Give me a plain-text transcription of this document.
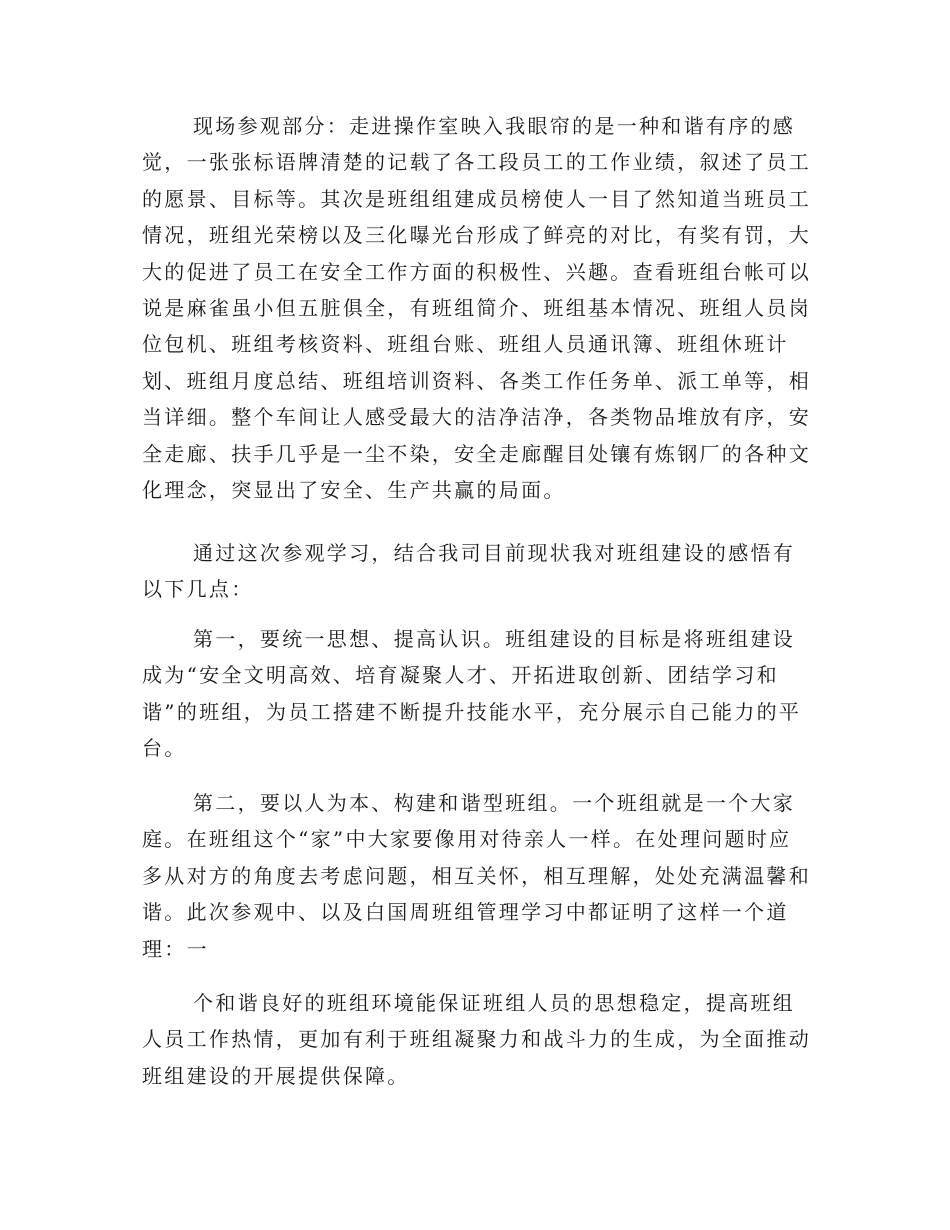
现场参观部分：走进操作室映入我眼帘的是一种和谐有序的感觉，一张张标语牌清楚的记载了各工段员工的工作业绩，叙述了员工的愿景、目标等。其次是班组组建成员榜使人一目了然知道当班员工情况，班组光荣榜以及三化曝光台形成了鲜亮的对比，有奖有罚，大大的促进了员工在安全工作方面的积极性、兴趣。查看班组台帐可以说是麻雀虽小但五脏俱全，有班组简介、班组基本情况、班组人员岗位包机、班组考核资料、班组台账、班组人员通讯簿、班组休班计划、班组月度总结、班组培训资料、各类工作任务单、派工单等，相当详细。整个车间让人感受最大的洁净洁净，各类物品堆放有序，安全走廊、扶手几乎是一尘不染，安全走廊醒目处镶有炼钢厂的各种文化理念，突显出了安全、生产共赢的局面。

通过这次参观学习，结合我司目前现状我对班组建设的感悟有以下几点：

第一，要统一思想、提高认识。班组建设的目标是将班组建设成为“安全文明高效、培育凝聚人才、开拓进取创新、团结学习和谐”的班组，为员工搭建不断提升技能水平，充分展示自己能力的平台。

第二，要以人为本、构建和谐型班组。一个班组就是一个大家庭。在班组这个“家”中大家要像用对待亲人一样。在处理问题时应多从对方的角度去考虑问题，相互关怀，相互理解，处处充满温馨和谐。此次参观中、以及白国周班组管理学习中都证明了这样一个道理：一

个和谐良好的班组环境能保证班组人员的思想稳定，提高班组人员工作热情，更加有利于班组凝聚力和战斗力的生成，为全面推动班组建设的开展提供保障。
